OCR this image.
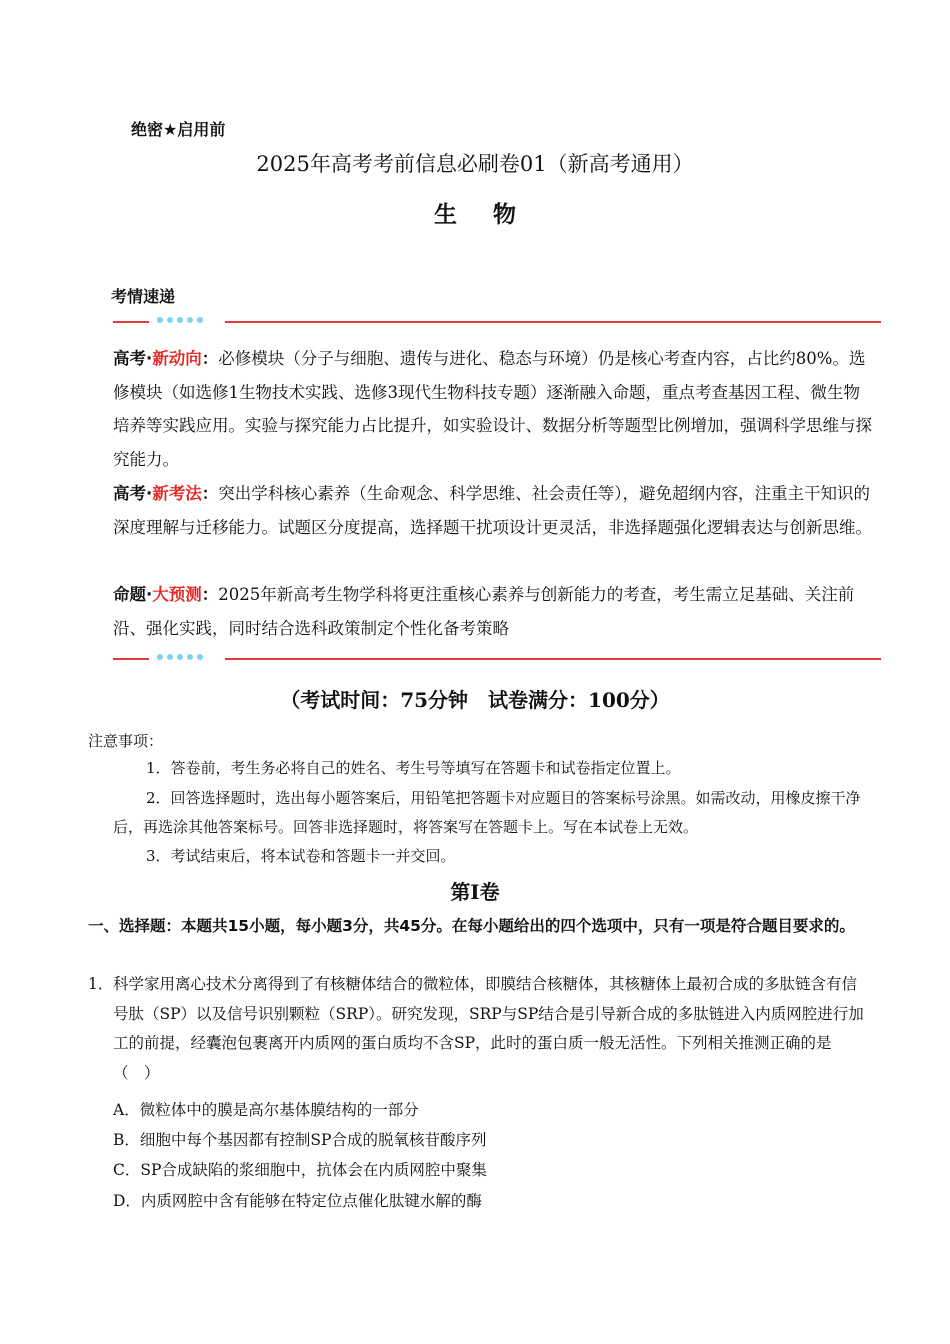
绝密★启用前
2025年高考考前信息必刷卷01（新高考通用）
生 物
考情速递
高考·新动向：必修模块（分子与细胞、遗传与进化、稳态与环境）仍是核心考查内容，占比约80%。选修模块（如选修1生物技术实践、选修3现代生物科技专题）逐渐融入命题，重点考查基因工程、微生物培养等实践应用。实验与探究能力占比提升，如实验设计、数据分析等题型比例增加，强调科学思维与探究能力。
高考·新考法：突出学科核心素养（生命观念、科学思维、社会责任等），避免超纲内容，注重主干知识的深度理解与迁移能力。试题区分度提高，选择题干扰项设计更灵活，非选择题强化逻辑表达与创新思维。
命题·大预测：2025年新高考生物学科将更注重核心素养与创新能力的考查，考生需立足基础、关注前沿、强化实践，同时结合选科政策制定个性化备考策略
（考试时间：75分钟　试卷满分：100分）
注意事项：
1．答卷前，考生务必将自己的姓名、考生号等填写在答题卡和试卷指定位置上。
2．回答选择题时，选出每小题答案后，用铅笔把答题卡对应题目的答案标号涂黑。如需改动，用橡皮擦干净后，再选涂其他答案标号。回答非选择题时，将答案写在答题卡上。写在本试卷上无效。
3．考试结束后，将本试卷和答题卡一并交回。
第Ⅰ卷
一、选择题：本题共15小题，每小题3分，共45分。在每小题给出的四个选项中，只有一项是符合题目要求的。
1． 科学家用离心技术分离得到了有核糖体结合的微粒体，即膜结合核糖体，其核糖体上最初合成的多肽链含有信号肽（SP）以及信号识别颗粒（SRP）。研究发现，SRP与SP结合是引导新合成的多肽链进入内质网腔进行加工的前提，经囊泡包裹离开内质网的蛋白质均不含SP，此时的蛋白质一般无活性。下列相关推测正确的是（　）
A．微粒体中的膜是高尔基体膜结构的一部分
B．细胞中每个基因都有控制SP合成的脱氧核苷酸序列
C．SP合成缺陷的浆细胞中，抗体会在内质网腔中聚集
D．内质网腔中含有能够在特定位点催化肽键水解的酶
